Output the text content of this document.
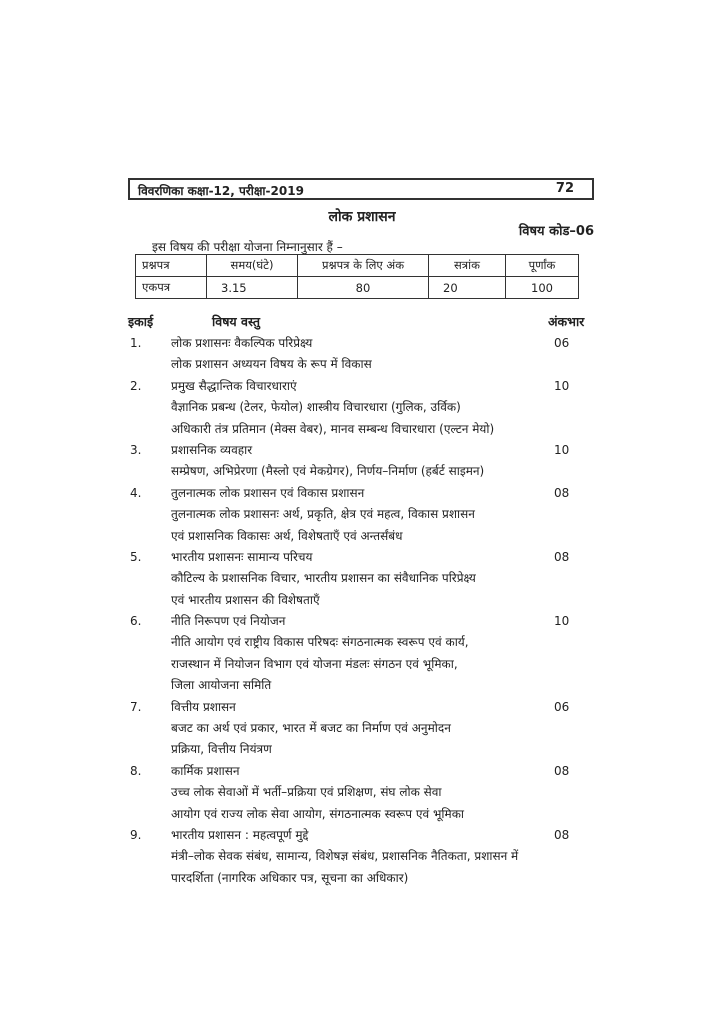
विवरणिका कक्षा-12, परीक्षा-2019	72
लोक प्रशासन
विषय कोड–06
इस विषय की परीक्षा योजना निम्नानुसार हैं –
प्रश्नपत्र	समय(घंटे)	प्रश्नपत्र के लिए अंक	सत्रांक	पूर्णांक
एकपत्र	3.15	80	20	100
इकाई	विषय वस्तु	अंकभार
1. लोक प्रशासनः वैकल्पिक परिप्रेक्ष्य	06
लोक प्रशासन अध्ययन विषय के रूप में विकास
2. प्रमुख सैद्धान्तिक विचारधाराएं	10
वैज्ञानिक प्रबन्ध (टेलर, फेयोल) शास्त्रीय विचारधारा (गुलिक, उर्विक)
अधिकारी तंत्र प्रतिमान (मेक्स वेबर), मानव सम्बन्ध विचारधारा (एल्टन मेयो)
3. प्रशासनिक व्यवहार	10
सम्प्रेषण, अभिप्रेरणा (मैस्लो एवं मेकग्रेगर), निर्णय–निर्माण (हर्बर्ट साइमन)
4. तुलनात्मक लोक प्रशासन एवं विकास प्रशासन	08
तुलनात्मक लोक प्रशासनः अर्थ, प्रकृति, क्षेत्र एवं महत्व, विकास प्रशासन
एवं प्रशासनिक विकासः अर्थ, विशेषताएँ एवं अन्तर्संबंध
5. भारतीय प्रशासनः सामान्य परिचय	08
कौटिल्य के प्रशासनिक विचार, भारतीय प्रशासन का संवैधानिक परिप्रेक्ष्य
एवं भारतीय प्रशासन की विशेषताएँ
6. नीति निरूपण एवं नियोजन	10
नीति आयोग एवं राष्ट्रीय विकास परिषदः संगठनात्मक स्वरूप एवं कार्य,
राजस्थान में नियोजन विभाग एवं योजना मंडलः संगठन एवं भूमिका,
जिला आयोजना समिति
7. वित्तीय प्रशासन	06
बजट का अर्थ एवं प्रकार, भारत में बजट का निर्माण एवं अनुमोदन
प्रक्रिया, वित्तीय नियंत्रण
8. कार्मिक प्रशासन	08
उच्च लोक सेवाओं में भर्ती–प्रक्रिया एवं प्रशिक्षण, संघ लोक सेवा
आयोग एवं राज्य लोक सेवा आयोग, संगठनात्मक स्वरूप एवं भूमिका
9. भारतीय प्रशासन : महत्वपूर्ण मुद्दे	08
मंत्री–लोक सेवक संबंध, सामान्य, विशेषज्ञ संबंध, प्रशासनिक नैतिकता, प्रशासन में
पारदर्शिता (नागरिक अधिकार पत्र, सूचना का अधिकार)
